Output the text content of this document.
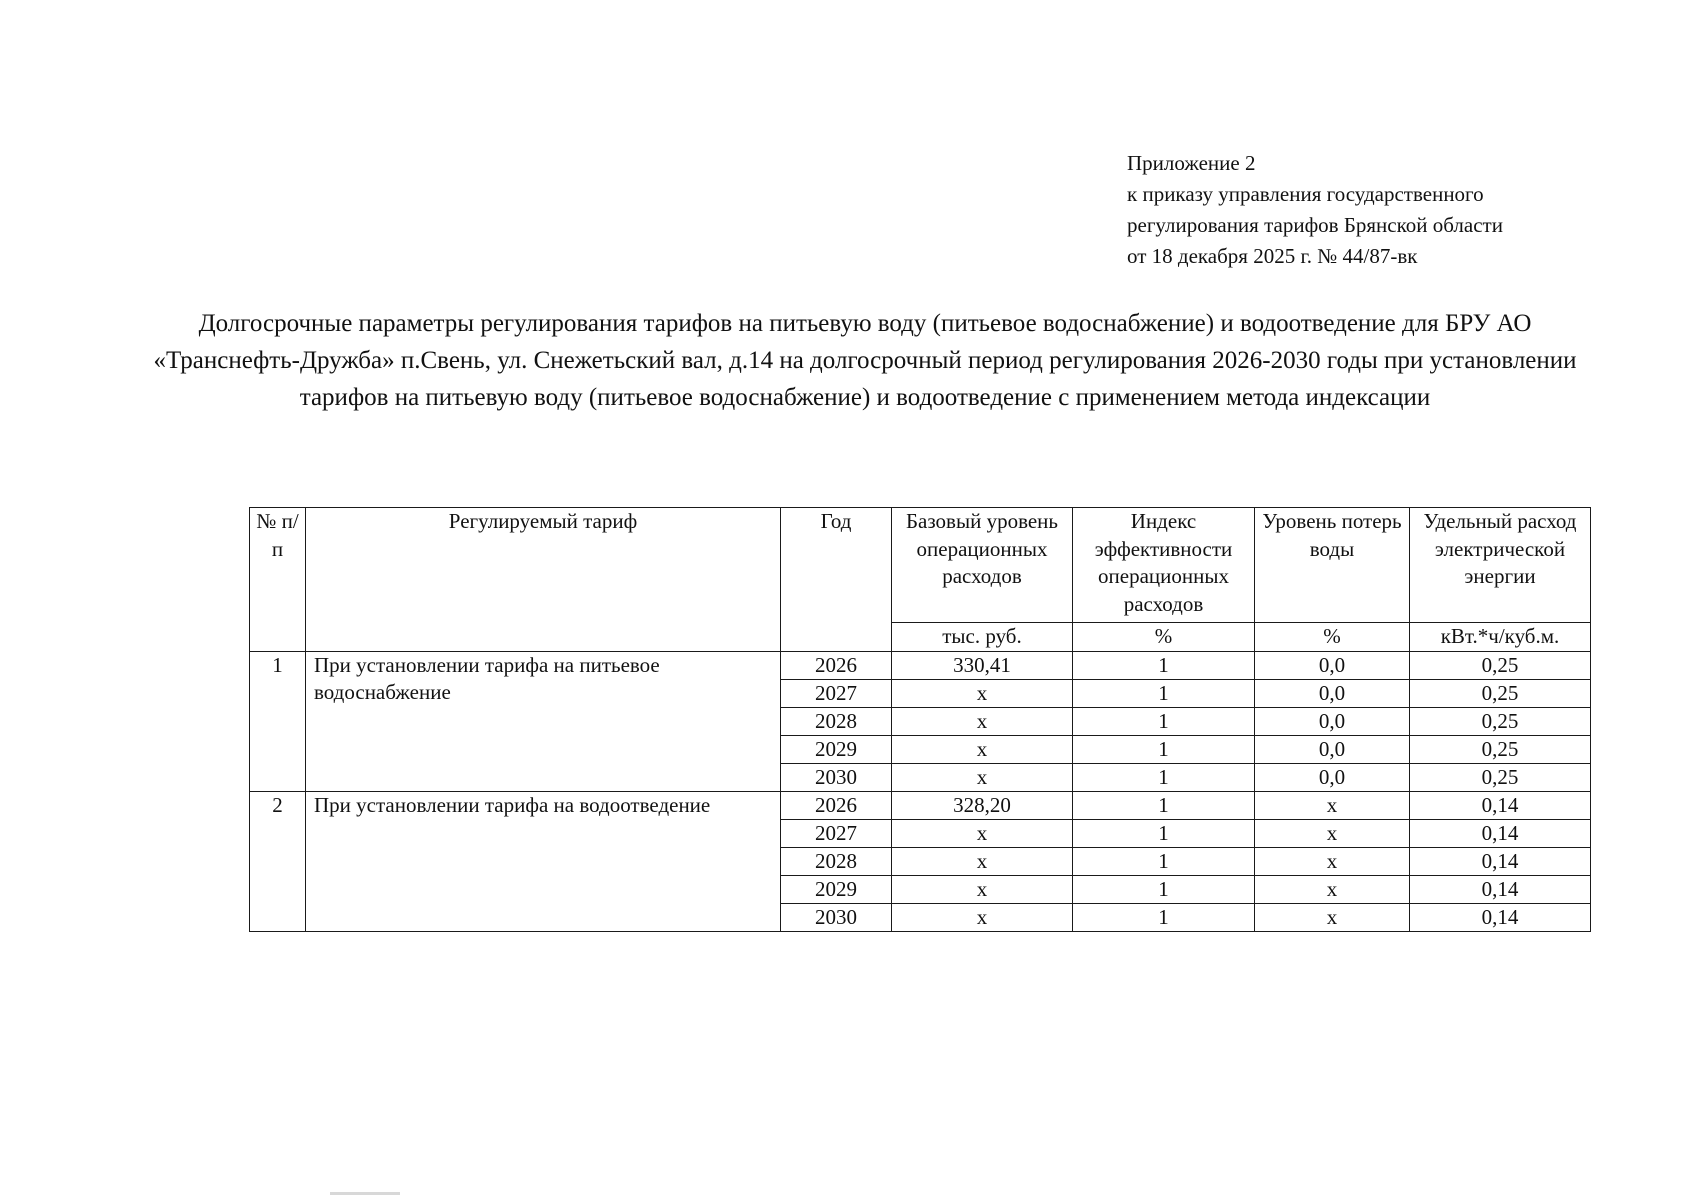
Приложение 2
к приказу управления государственного
регулирования тарифов Брянской области
от 18 декабря 2025 г. № 44/87-вк
Долгосрочные параметры регулирования тарифов на питьевую воду (питьевое водоснабжение) и водоотведение для БРУ АО «Транснефть-Дружба» п.Свень, ул. Снежетьский вал, д.14 на долгосрочный период регулирования 2026-2030 годы при установлении тарифов на питьевую воду (питьевое водоснабжение) и водоотведение с применением метода индексации
№ п/п	Регулируемый тариф	Год	Базовый уровень операционных расходов	Индекс эффективности операционных расходов	Уровень потерь воды	Удельный расход электрической энергии
			тыс. руб.	%	%	кВт.*ч/куб.м.
1	При установлении тарифа на питьевое водоснабжение	2026	330,41	1	0,0	0,25
		2027	х	1	0,0	0,25
		2028	х	1	0,0	0,25
		2029	х	1	0,0	0,25
		2030	х	1	0,0	0,25
2	При установлении тарифа на водоотведение	2026	328,20	1	х	0,14
		2027	х	1	х	0,14
		2028	х	1	х	0,14
		2029	х	1	х	0,14
		2030	х	1	х	0,14
